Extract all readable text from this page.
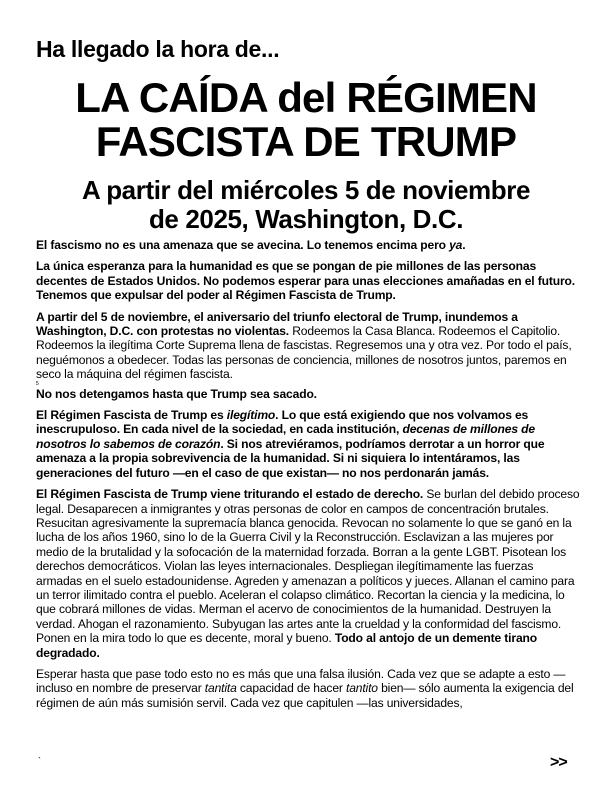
Ha llegado la hora de...
LA CAÍDA del RÉGIMEN
FASCISTA DE TRUMP
A partir del miércoles 5 de noviembre
de 2025, Washington, D.C.

El fascismo no es una amenaza que se avecina. Lo tenemos encima pero ya.

La única esperanza para la humanidad es que se pongan de pie millones de las personas decentes de Estados Unidos. No podemos esperar para unas elecciones amañadas en el futuro. Tenemos que expulsar del poder al Régimen Fascista de Trump.

A partir del 5 de noviembre, el aniversario del triunfo electoral de Trump, inundemos a Washington, D.C. con protestas no violentas. Rodeemos la Casa Blanca. Rodeemos el Capitolio. Rodeemos la ilegítima Corte Suprema llena de fascistas. Regresemos una y otra vez. Por todo el país, neguémonos a obedecer. Todas las personas de conciencia, millones de nosotros juntos, paremos en seco la máquina del régimen fascista.

5

No nos detengamos hasta que Trump sea sacado.

El Régimen Fascista de Trump es ilegítimo. Lo que está exigiendo que nos volvamos es inescrupuloso. En cada nivel de la sociedad, en cada institución, decenas de millones de nosotros lo sabemos de corazón. Si nos atreviéramos, podríamos derrotar a un horror que amenaza a la propia sobrevivencia de la humanidad. Si ni siquiera lo intentáramos, las generaciones del futuro —en el caso de que existan— no nos perdonarán jamás.

El Régimen Fascista de Trump viene triturando el estado de derecho. Se burlan del debido proceso legal. Desaparecen a inmigrantes y otras personas de color en campos de concentración brutales. Resucitan agresivamente la supremacía blanca genocida. Revocan no solamente lo que se ganó en la lucha de los años 1960, sino lo de la Guerra Civil y la Reconstrucción. Esclavizan a las mujeres por medio de la brutalidad y la sofocación de la maternidad forzada. Borran a la gente LGBT. Pisotean los derechos democráticos. Violan las leyes internacionales. Despliegan ilegítimamente las fuerzas armadas en el suelo estadounidense. Agreden y amenazan a políticos y jueces. Allanan el camino para un terror ilimitado contra el pueblo. Aceleran el colapso climático. Recortan la ciencia y la medicina, lo que cobrará millones de vidas. Merman el acervo de conocimientos de la humanidad. Destruyen la verdad. Ahogan el razonamiento. Subyugan las artes ante la crueldad y la conformidad del fascismo. Ponen en la mira todo lo que es decente, moral y bueno. Todo al antojo de un demente tirano degradado.

Esperar hasta que pase todo esto no es más que una falsa ilusión. Cada vez que se adapte a esto —incluso en nombre de preservar tantita capacidad de hacer tantito bien— sólo aumenta la exigencia del régimen de aún más sumisión servil. Cada vez que capitulen —las universidades,

`	>>
